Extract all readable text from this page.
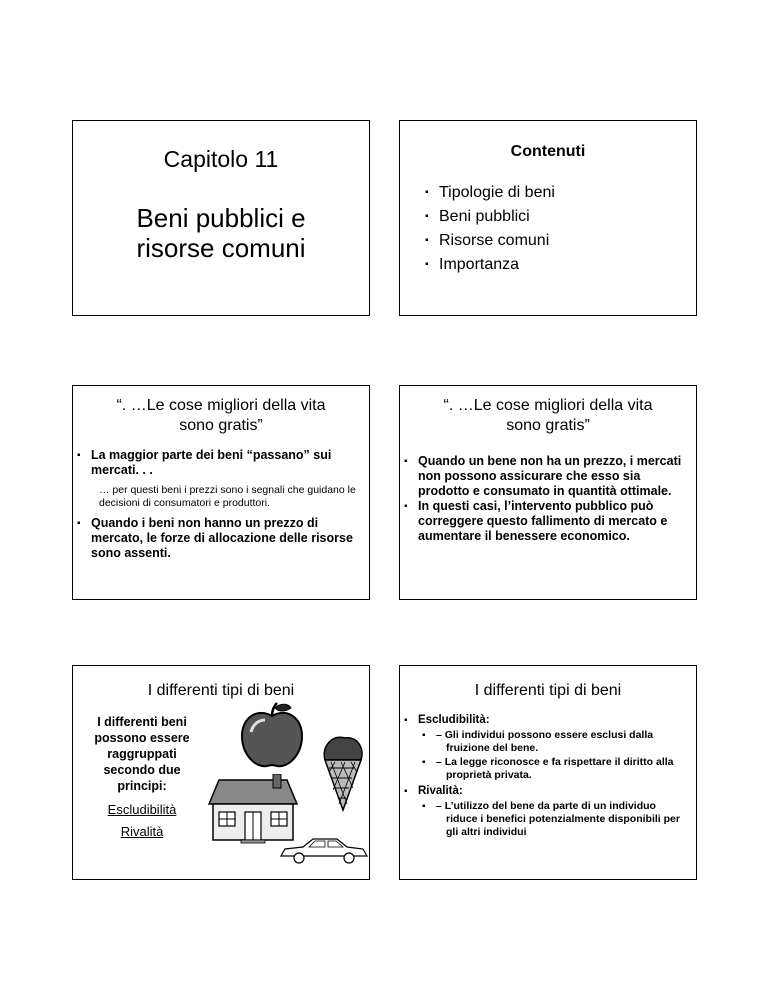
Capitolo 11
Beni pubblici e
risorse comuni
Contenuti
▪ Tipologie di beni
▪ Beni pubblici
▪ Risorse comuni
▪ Importanza
“. …Le cose migliori della vita
sono gratis”
▪ La maggior parte dei beni “passano” sui mercati. . .
… per questi beni i prezzi sono i segnali che guidano le decisioni di consumatori e produttori.
▪ Quando i beni non hanno un prezzo di mercato, le forze di allocazione delle risorse sono assenti.
“. …Le cose migliori della vita
sono gratis”
▪ Quando un bene non ha un prezzo, i mercati non possono assicurare che esso sia prodotto e consumato in quantità ottimale.
▪ In questi casi, l’intervento pubblico può correggere questo fallimento di mercato e aumentare il benessere economico.
I differenti tipi di beni
I differenti beni possono essere raggruppati secondo due principi:
Escludibilità
Rivalità
I differenti tipi di beni
▪ Escludibilità:
▪ – Gli individui possono essere esclusi dalla fruizione del bene.
▪ – La legge riconosce e fa rispettare il diritto alla proprietà privata.
▪ Rivalità:
▪ – L’utilizzo del bene da parte di un individuo riduce i benefici potenzialmente disponibili per gli altri individui
